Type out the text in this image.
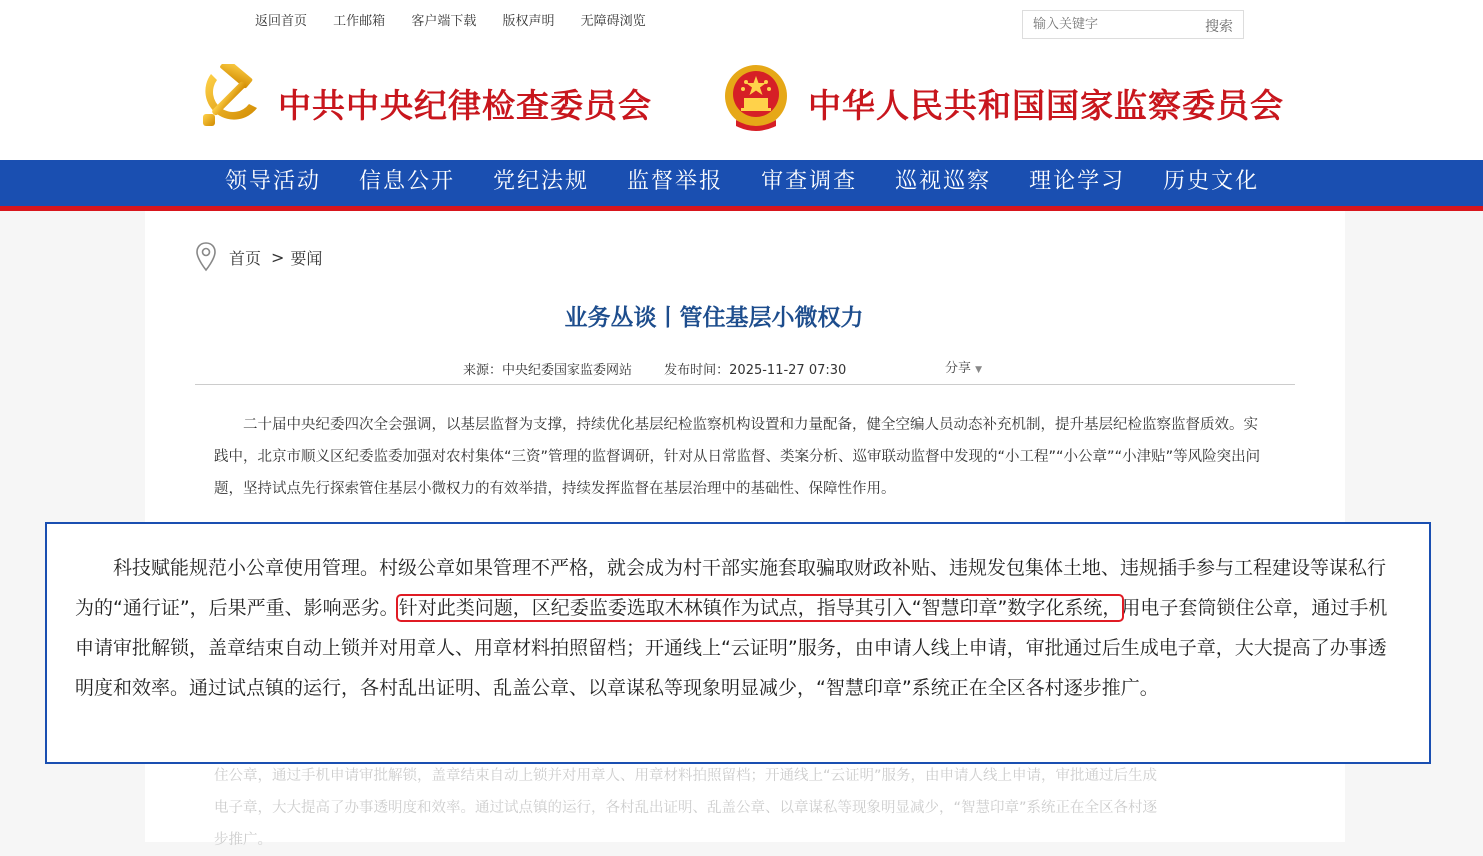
返回首页 工作邮箱 客户端下载 版权声明 无障碍浏览
输入关键字	搜索
中共中央纪律检查委员会	中华人民共和国国家监察委员会
领导活动 信息公开 党纪法规 监督举报 审查调查 巡视巡察 理论学习 历史文化
首页 > 要闻
业务丛谈丨管住基层小微权力
来源：中央纪委国家监委网站 发布时间：2025-11-27 07:30	分享 ▼
二十届中央纪委四次全会强调，以基层监督为支撑，持续优化基层纪检监察机构设置和力量配备，健全空编人员动态补充机制，提升基层纪检监察监督质效。实践中，北京市顺义区纪委监委加强对农村集体“三资”管理的监督调研，针对从日常监督、类案分析、巡审联动监督中发现的“小工程”“小公章”“小津贴”等风险突出问题，坚持试点先行探索管住基层小微权力的有效举措，持续发挥监督在基层治理中的基础性、保障性作用。
住公章，通过手机申请审批解锁，盖章结束自动上锁并对用章人、用章材料拍照留档；开通线上“云证明”服务，由申请人线上申请，审批通过后生成
电子章，大大提高了办事透明度和效率。通过试点镇的运行，各村乱出证明、乱盖公章、以章谋私等现象明显减少，“智慧印章”系统正在全区各村逐
步推广。
科技赋能规范小公章使用管理。村级公章如果管理不严格，就会成为村干部实施套取骗取财政补贴、违规发包集体土地、违规插手参与工程建设等谋私行为的“通行证”，后果严重、影响恶劣。针对此类问题，区纪委监委选取木林镇作为试点，指导其引入“智慧印章”数字化系统，用电子套筒锁住公章，通过手机申请审批解锁，盖章结束自动上锁并对用章人、用章材料拍照留档；开通线上“云证明”服务，由申请人线上申请，审批通过后生成电子章，大大提高了办事透明度和效率。通过试点镇的运行，各村乱出证明、乱盖公章、以章谋私等现象明显减少，“智慧印章”系统正在全区各村逐步推广。
